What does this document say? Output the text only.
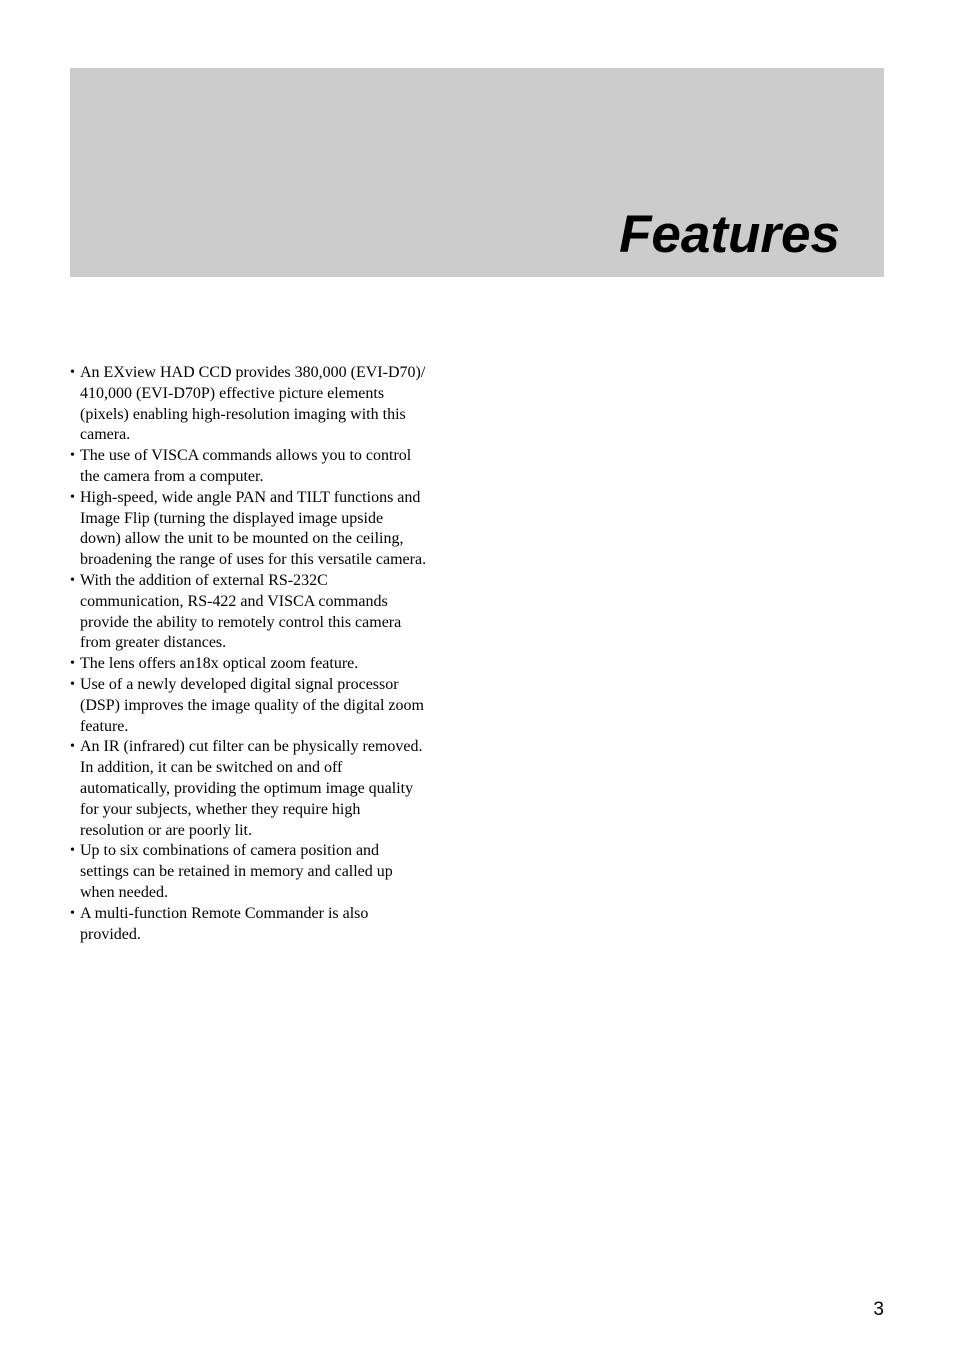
Features
• An EXview HAD CCD provides 380,000 (EVI-D70)/
410,000 (EVI-D70P) effective picture elements
(pixels) enabling high-resolution imaging with this
camera.
• The use of VISCA commands allows you to control
the camera from a computer.
• High-speed, wide angle PAN and TILT functions and
Image Flip (turning the displayed image upside
down) allow the unit to be mounted on the ceiling,
broadening the range of uses for this versatile camera.
• With the addition of external RS-232C
communication, RS-422 and VISCA commands
provide the ability to remotely control this camera
from greater distances.
• The lens offers an18x optical zoom feature.
• Use of a newly developed digital signal processor
(DSP) improves the image quality of the digital zoom
feature.
• An IR (infrared) cut filter can be physically removed.
In addition, it can be switched on and off
automatically, providing the optimum image quality
for your subjects, whether they require high
resolution or are poorly lit.
• Up to six combinations of camera position and
settings can be retained in memory and called up
when needed.
• A multi-function Remote Commander is also
provided.
3
